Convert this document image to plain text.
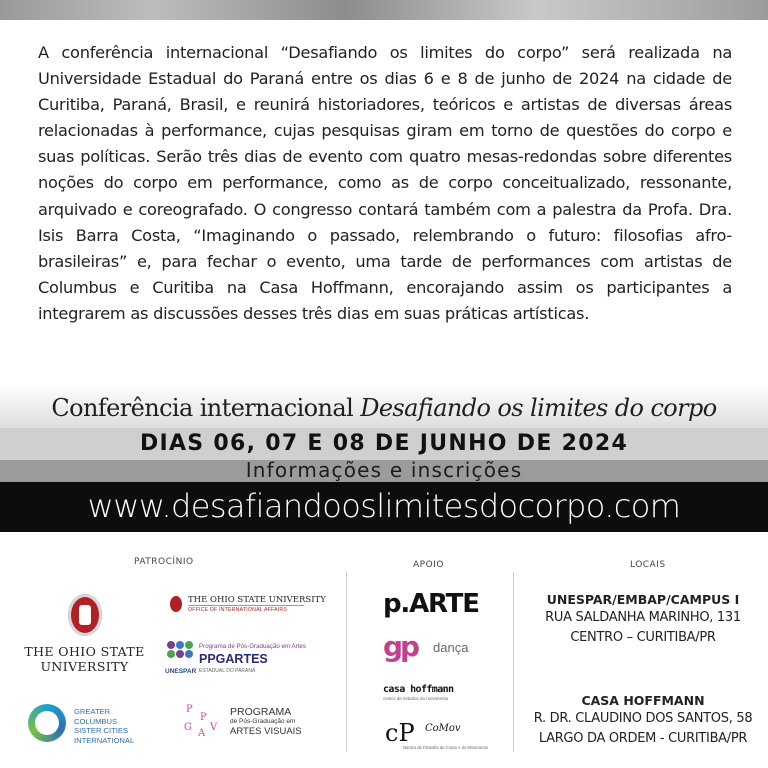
A conferência internacional “Desafiando os limites do corpo” será realizada na Universidade Estadual do Paraná entre os dias 6 e 8 de junho de 2024 na cidade de Curitiba, Paraná, Brasil, e reunirá historiadores, teóricos e artistas de diversas áreas relacionadas à performance, cujas pesquisas giram em torno de questões do corpo e suas políticas. Serão três dias de evento com quatro mesas-redondas sobre diferentes noções do corpo em performance, como as de corpo conceitualizado, ressonante, arquivado e coreografado. O congresso contará também com a palestra da Profa. Dra. Isis Barra Costa, “Imaginando o passado, relembrando o futuro: filosofias afro-brasileiras” e, para fechar o evento, uma tarde de performances com artistas de Columbus e Curitiba na Casa Hoffmann, encorajando assim os participantes a integrarem as discussões desses três dias em suas práticas artísticas.

Conferência internacional Desafiando os limites do corpo
DIAS 06, 07 E 08 DE JUNHO DE 2024
Informações e inscrições
www.desafiandooslimitesdocorpo.com
PATROCÍNIO	APOIO	LOCAIS
THE OHIO STATE
UNIVERSITY
THE OHIO STATE UNIVERSITY
OFFICE OF INTERNATIONAL AFFAIRS
Programa de Pós-Graduação em Artes
PPGARTES
UNESPAR ESTADUAL DO PARANÁ
GREATER
COLUMBUS
SISTER CITIES
INTERNATIONAL
P
P
G
A
V
PROGRAMA
de Pós-Graduação em
ARTES VISUAIS
p.ARTE
gp dança
casa hoffmann
centro de estudos do movimento
cP CoMov
Núcleo de Filosofia do Corpo e do Movimento
UNESPAR/EMBAP/CAMPUS I
RUA SALDANHA MARINHO, 131
CENTRO – CURITIBA/PR
CASA HOFFMANN
R. DR. CLAUDINO DOS SANTOS, 58
LARGO DA ORDEM - CURITIBA/PR
